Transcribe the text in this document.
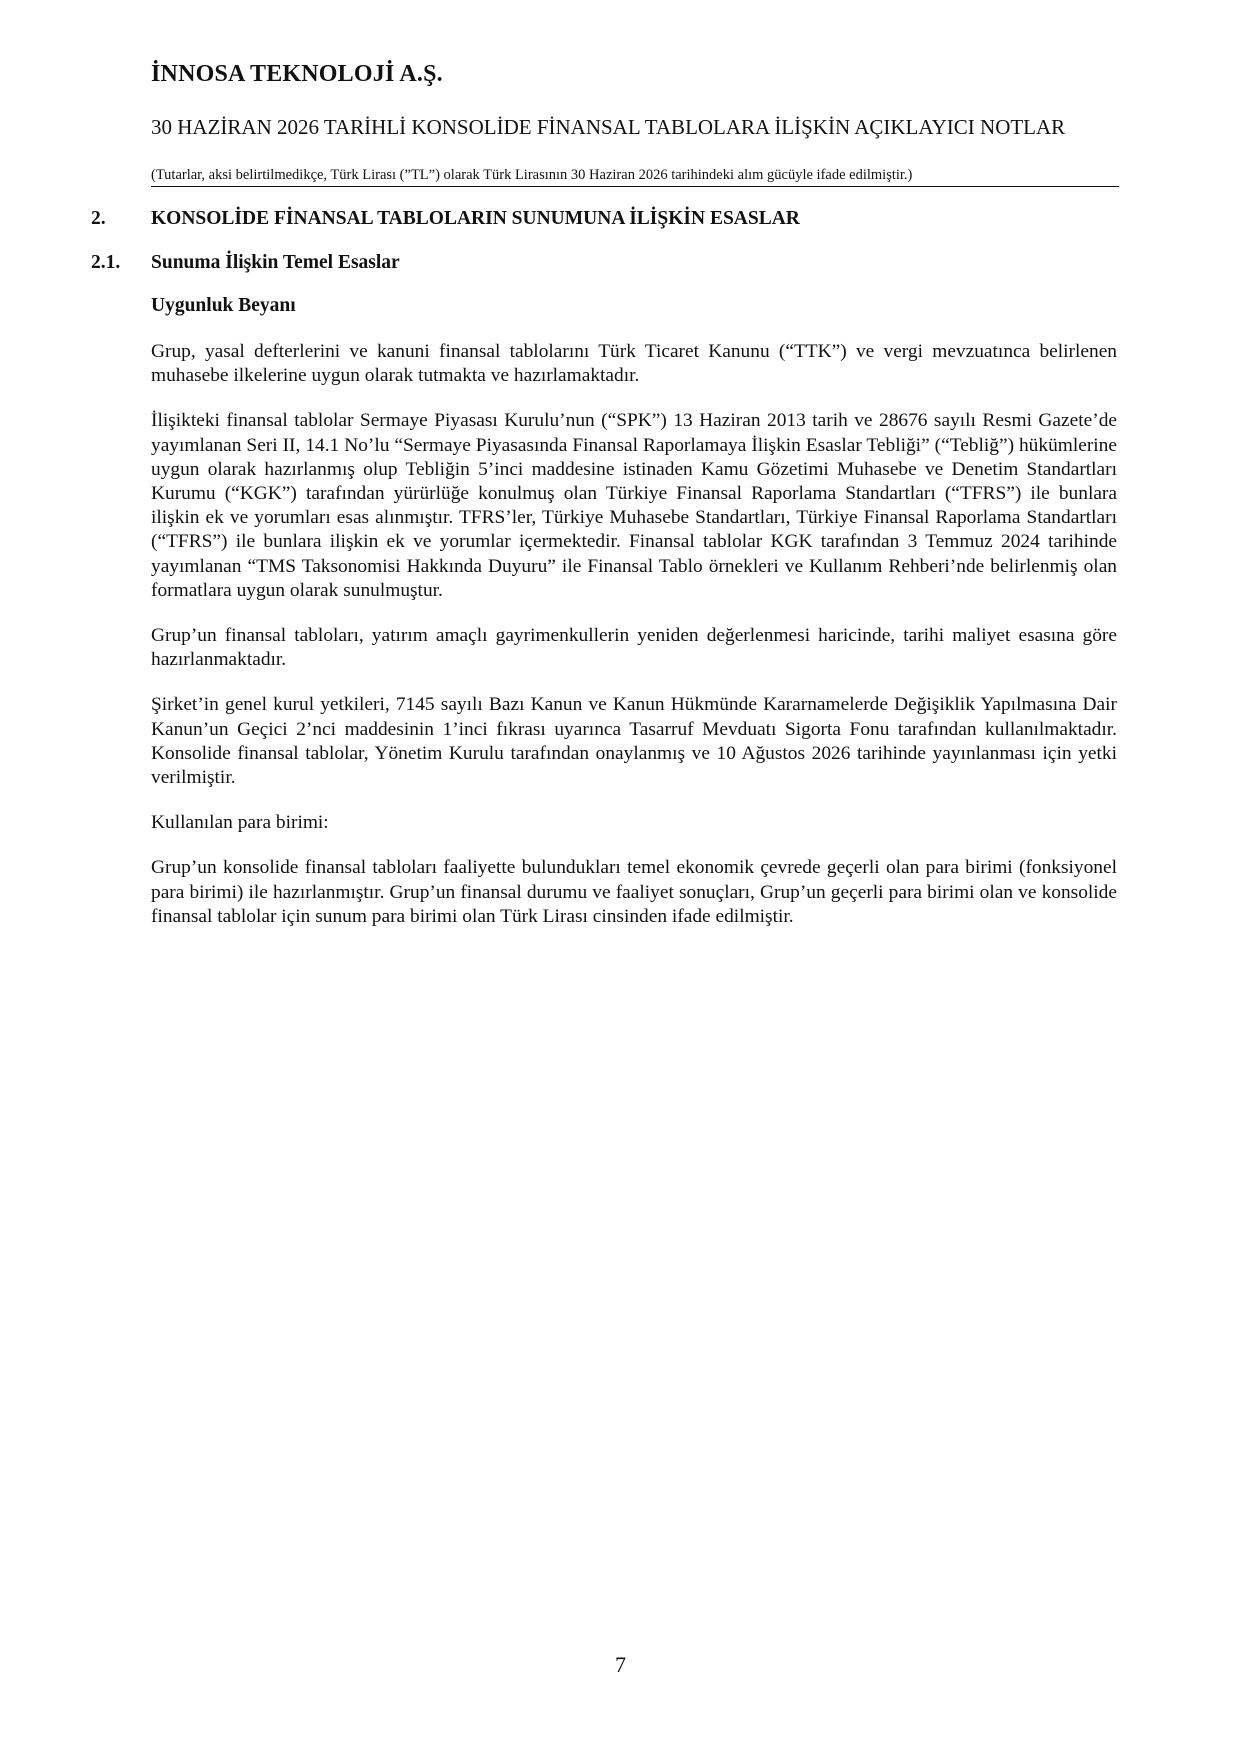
İNNOSA TEKNOLOJİ A.Ş.
30 HAZİRAN 2026 TARİHLİ KONSOLİDE FİNANSAL TABLOLARA İLİŞKİN AÇIKLAYICI NOTLAR
(Tutarlar, aksi belirtilmedikçe, Türk Lirası (”TL”) olarak Türk Lirasının 30 Haziran 2026 tarihindeki alım gücüyle ifade edilmiştir.)
2. KONSOLİDE FİNANSAL TABLOLARIN SUNUMUNA İLİŞKİN ESASLAR
2.1. Sunuma İlişkin Temel Esaslar
Uygunluk Beyanı

Grup, yasal defterlerini ve kanuni finansal tablolarını Türk Ticaret Kanunu (“TTK”) ve vergi mevzuatınca belirlenen muhasebe ilkelerine uygun olarak tutmakta ve hazırlamaktadır.

İlişikteki finansal tablolar Sermaye Piyasası Kurulu’nun (“SPK”) 13 Haziran 2013 tarih ve 28676 sayılı Resmi Gazete’de yayımlanan Seri II, 14.1 No’lu “Sermaye Piyasasında Finansal Raporlamaya İlişkin Esaslar Tebliği” (“Tebliğ”) hükümlerine uygun olarak hazırlanmış olup Tebliğin 5’inci maddesine istinaden Kamu Gözetimi Muhasebe ve Denetim Standartları Kurumu (“KGK”) tarafından yürürlüğe konulmuş olan Türkiye Finansal Raporlama Standartları (“TFRS”) ile bunlara ilişkin ek ve yorumları esas alınmıştır. TFRS’ler, Türkiye Muhasebe Standartları, Türkiye Finansal Raporlama Standartları (“TFRS”) ile bunlara ilişkin ek ve yorumlar içermektedir. Finansal tablolar KGK tarafından 3 Temmuz 2024 tarihinde yayımlanan “TMS Taksonomisi Hakkında Duyuru” ile Finansal Tablo örnekleri ve Kullanım Rehberi’nde belirlenmiş olan formatlara uygun olarak sunulmuştur.

Grup’un finansal tabloları, yatırım amaçlı gayrimenkullerin yeniden değerlenmesi haricinde, tarihi maliyet esasına göre hazırlanmaktadır.

Şirket’in genel kurul yetkileri, 7145 sayılı Bazı Kanun ve Kanun Hükmünde Kararnamelerde Değişiklik Yapılmasına Dair Kanun’un Geçici 2’nci maddesinin 1’inci fıkrası uyarınca Tasarruf Mevduatı Sigorta Fonu tarafından kullanılmaktadır. Konsolide finansal tablolar, Yönetim Kurulu tarafından onaylanmış ve 10 Ağustos 2026 tarihinde yayınlanması için yetki verilmiştir.

Kullanılan para birimi:

Grup’un konsolide finansal tabloları faaliyette bulundukları temel ekonomik çevrede geçerli olan para birimi (fonksiyonel para birimi) ile hazırlanmıştır. Grup’un finansal durumu ve faaliyet sonuçları, Grup’un geçerli para birimi olan ve konsolide finansal tablolar için sunum para birimi olan Türk Lirası cinsinden ifade edilmiştir.

7
